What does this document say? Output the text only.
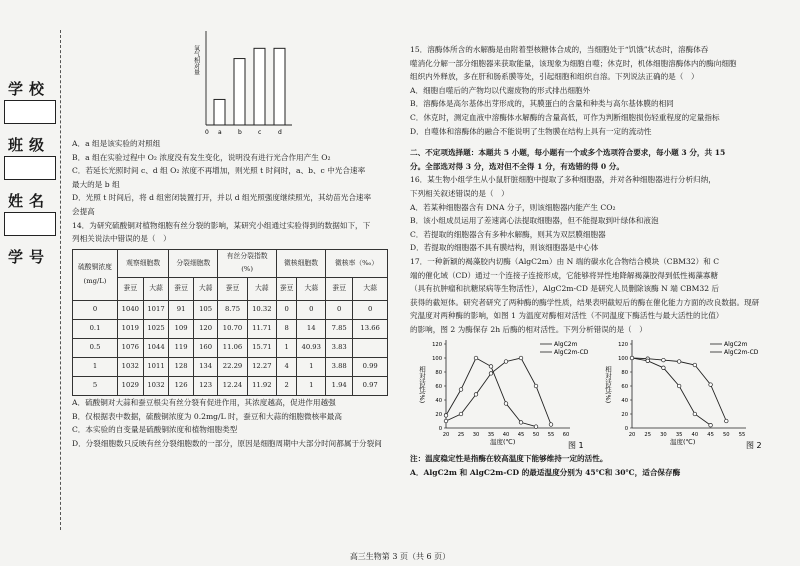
学校
班级
姓名
学号
氧气相对量
0 a	b	c	d

A．a 组是该实验的对照组

B．a 组在实验过程中 O₂ 浓度没有发生变化，说明没有进行光合作用产生 O₂

C．若延长光照时间 c、d 组 O₂ 浓度不再增加，则光照 t 时间时，a、b、c 中光合速率

最大的是 b 组

D．光照 t 时间后，将 d 组密闭装置打开，并以 d 组光照强度继续照光，其幼苗光合速率

会提高

14．为研究硫酸铜对植物细胞有丝分裂的影响，某研究小组通过实验得到的数据如下，下

列相关说法中错误的是（　）

硫酸铜浓度
(mg/L)	观察细胞数		分裂细胞数		有丝分裂指数
(%)		微核细胞数		微核率（‰）	
	蚕豆	大蒜	蚕豆	大蒜	蚕豆	大蒜	蚕豆	大蒜	蚕豆	大蒜
0	1040	1017	91	105	8.75	10.32	0	0	0	0
0.1	1019	1025	109	120	10.70	11.71	8	14	7.85	13.66
0.5	1076	1044	119	160	11.06	15.71	1	40.93	3.83	
1	1032	1011	128	134	22.29	12.27	4	1	3.88	0.99
5	1029	1032	126	123	12.24	11.92	2	1	1.94	0.97

A．硫酸铜对大蒜和蚕豆根尖有丝分裂有促进作用，其浓度越高，促进作用越强

B．仅根据表中数据，硫酸铜浓度为 0.2mg/L 时，蚕豆和大蒜的细胞微核率最高

C．本实验的自变量是硫酸铜浓度和植物细胞类型

D．分裂细胞数只反映有丝分裂细胞数的一部分，原因是细胞周期中大部分时间都属于分裂间

15．溶酶体所含的水解酶是由附着型核糖体合成的，当细胞处于“饥饿”状态时，溶酶体吞

噬消化分解一部分细胞器来获取能量，该现象为细胞自噬；休克时，机体细胞溶酶体内的酶向细胞

组织内外释放，多在肝和肠系膜等处，引起细胞和组织自溶。下列说法正确的是（　）

A．细胞自噬后的产物均以代谢废物的形式排出细胞外

B．溶酶体是高尔基体出芽形成的，其膜蛋白的含量和种类与高尔基体膜的相同

C．休克时，测定血液中溶酶体水解酶的含量高低，可作为判断细胞损伤轻重程度的定量指标

D．自噬体和溶酶体的融合不能说明了生物膜在结构上具有一定的流动性

二、不定项选择题：本题共 5 小题，每小题有一个或多个选项符合要求，每小题 3 分，共 15

分。全部选对得 3 分，选对但不全得 1 分，有选错的得 0 分。

16．某生物小组学生从小鼠肝脏细胞中提取了多种细胞器，并对各种细胞器进行分析归纳，

下列相关叙述错误的是（　）

A．若某种细胞器含有 DNA 分子，则该细胞器内能产生 CO₂

B．该小组成员运用了差速离心法提取细胞器，但不能提取到叶绿体和液泡

C．若提取的细胞器含有多种水解酶，则其为双层膜细胞器

D．若提取的细胞器不具有膜结构，则该细胞器是中心体

17．一种新颖的褐藻胶内切酶（AlgC2m）由 N 端的碳水化合物结合模块（CBM32）和 C

端的催化域（CD）通过一个连接子连接形成，它能够将异性地降解褐藻胶得到低性褐藻寡糖

（具有抗肿瘤和抗糖尿病等生物活性），AlgC2m-CD 是研究人员删除该酶 N 端 CBM32 后

获得的截短体。研究者研究了两种酶的酶学性质，结果表明截短后的酶在催化能力方面的改良数据。现研

究温度对两种酶的影响，如图 1 为温度对酶相对活性（不同温度下酶活性与最大活性的比值）

的影响，图 2 为酶保存 2h 后酶的相对活性。下列分析错误的是（　）

相对活性(%)
0
20
40
60
80
100
120
20 25 30 35 40 45 50 55 60
AlgC2m
AlgC2m-CD
温度(℃)	图 1
相对活性(%)
0
20
40
60
80
100
120
20 25 30 35 40 45 50 55
AlgC2m
AlgC2m-CD
温度(℃)	图 2

注：温度稳定性是指酶在较高温度下能够维持一定的活性。

A．AlgC2m 和 AlgC2m-CD 的最适温度分别为 45℃和 30℃，适合保存酶

高三生物第 3 页（共 6 页）
